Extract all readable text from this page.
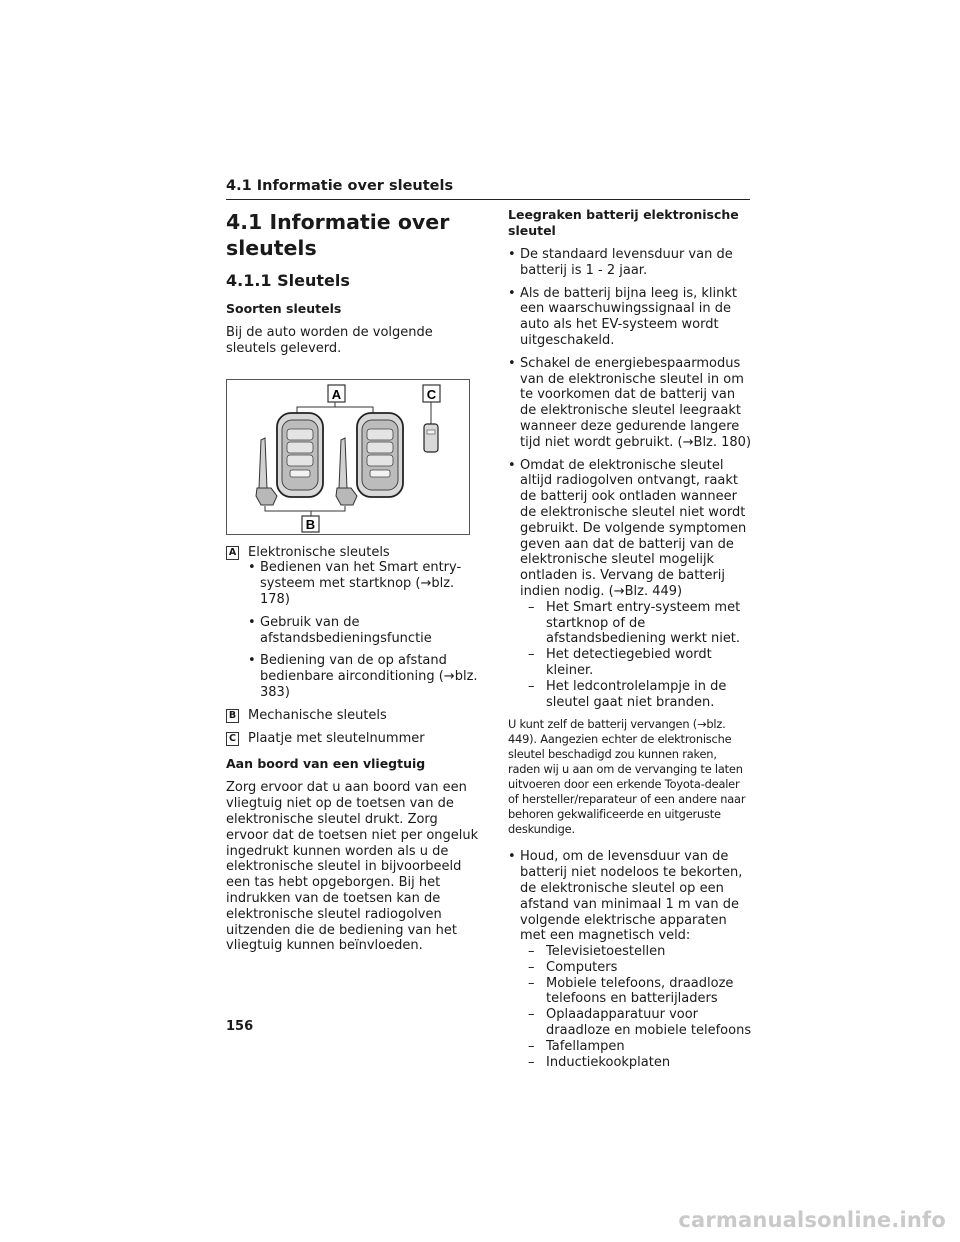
4.1 Informatie over sleutels
4.1 Informatie over sleutels
4.1.1 Sleutels
Soorten sleutels

Bij de auto worden de volgende sleutels geleverd.

A	C
B
A Elektronische sleutels
• Bedienen van het Smart entry-systeem met startknop (→blz. 178)
• Gebruik van de afstandsbedieningsfunctie
• Bediening van de op afstand bedienbare airconditioning (→blz. 383)
B Mechanische sleutels
C Plaatje met sleutelnummer
Aan boord van een vliegtuig

Zorg ervoor dat u aan boord van een vliegtuig niet op de toetsen van de elektronische sleutel drukt. Zorg ervoor dat de toetsen niet per ongeluk ingedrukt kunnen worden als u de elektronische sleutel in bijvoorbeeld een tas hebt opgeborgen. Bij het indrukken van de toetsen kan de elektronische sleutel radiogolven uitzenden die de bediening van het vliegtuig kunnen beïnvloeden.

Leegraken batterij elektronische sleutel
• De standaard levensduur van de batterij is 1 - 2 jaar.
• Als de batterij bijna leeg is, klinkt een waarschuwingssignaal in de auto als het EV-systeem wordt uitgeschakeld.
• Schakel de energiebespaarmodus van de elektronische sleutel in om te voorkomen dat de batterij van de elektronische sleutel leegraakt wanneer deze gedurende langere tijd niet wordt gebruikt. (→Blz. 180)
• Omdat de elektronische sleutel altijd radiogolven ontvangt, raakt de batterij ook ontladen wanneer de elektronische sleutel niet wordt gebruikt. De volgende symptomen geven aan dat de batterij van de elektronische sleutel mogelijk ontladen is. Vervang de batterij indien nodig. (→Blz. 449)
– Het Smart entry-systeem met startknop of de afstandsbediening werkt niet.
– Het detectiegebied wordt kleiner.
– Het ledcontrolelampje in de sleutel gaat niet branden.

U kunt zelf de batterij vervangen (→blz. 449). Aangezien echter de elektronische sleutel beschadigd zou kunnen raken, raden wij u aan om de vervanging te laten uitvoeren door een erkende Toyota-dealer of hersteller/reparateur of een andere naar behoren gekwalificeerde en uitgeruste deskundige.

• Houd, om de levensduur van de batterij niet nodeloos te bekorten, de elektronische sleutel op een afstand van minimaal 1 m van de volgende elektrische apparaten met een magnetisch veld:
– Televisietoestellen
– Computers
– Mobiele telefoons, draadloze telefoons en batterijladers
– Oplaadapparatuur voor draadloze en mobiele telefoons
– Tafellampen
– Inductiekookplaten
156
carmanualsonline.info
